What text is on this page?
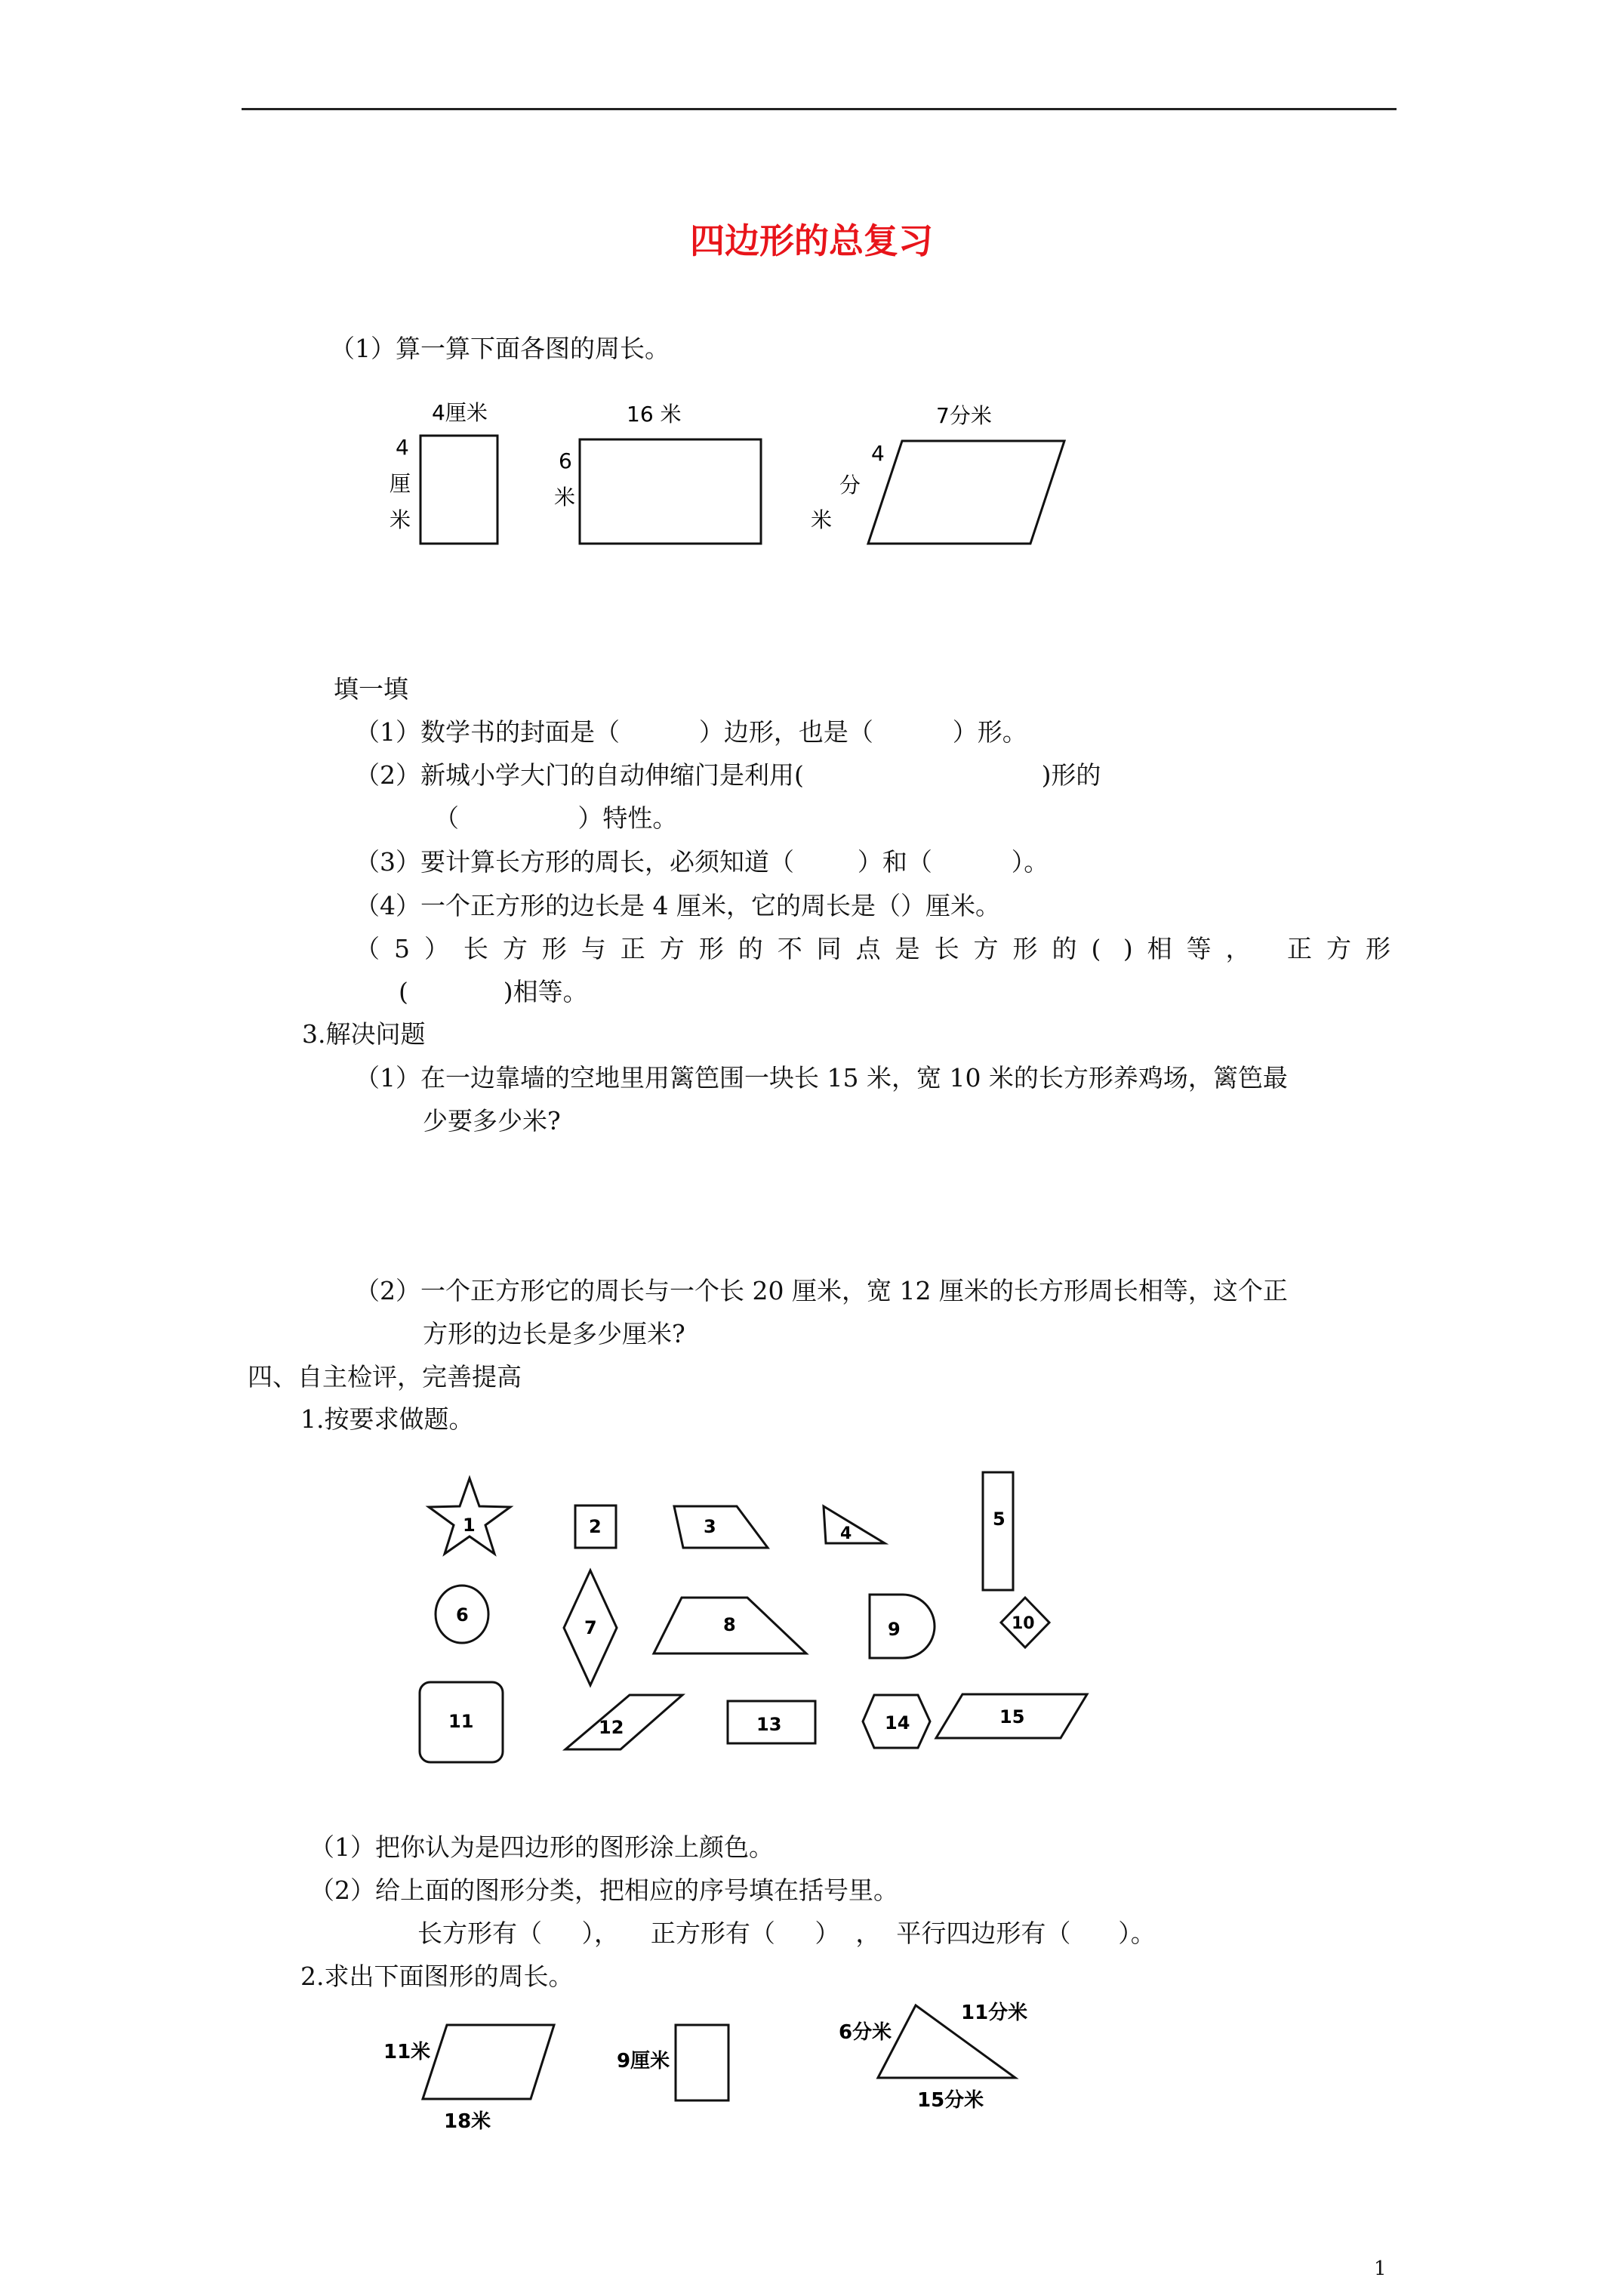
四边形的总复习
（1）算一算下面各图的周长。
4厘米
4
厘
米
16 米
6
米
7分米
4
分
米
填一填
（1）数学书的封面是（          ）边形，也是（          ）形。
（2）新城小学大门的自动伸缩门是利用(                              )形的
（               ）特性。
（3）要计算长方形的周长，必须知道（        ）和（          ）。
（4）一个正方形的边长是 4 厘米，它的周长是（）厘米。
（5）长方形与正方形的不同点是长方形的( )相等， 正方形
(            )相等。
3.解决问题
（1）在一边靠墙的空地里用篱笆围一块长 15 米，宽 10 米的长方形养鸡场，篱笆最
少要多少米?
（2）一个正方形它的周长与一个长 20 厘米，宽 12 厘米的长方形周长相等，这个正
方形的边长是多少厘米?
四、自主检评，完善提高
1.按要求做题。
1	2	3	4
5
6
7	8	9	10
11	12	13	14	15
（1）把你认为是四边形的图形涂上颜色。
（2）给上面的图形分类，把相应的序号填在括号里。
长方形有（     ），    正方形有（     ）  ，  平行四边形有（      ）。
2.求出下面图形的周长。
11米
18米
9厘米
6分米
11分米
15分米
1
